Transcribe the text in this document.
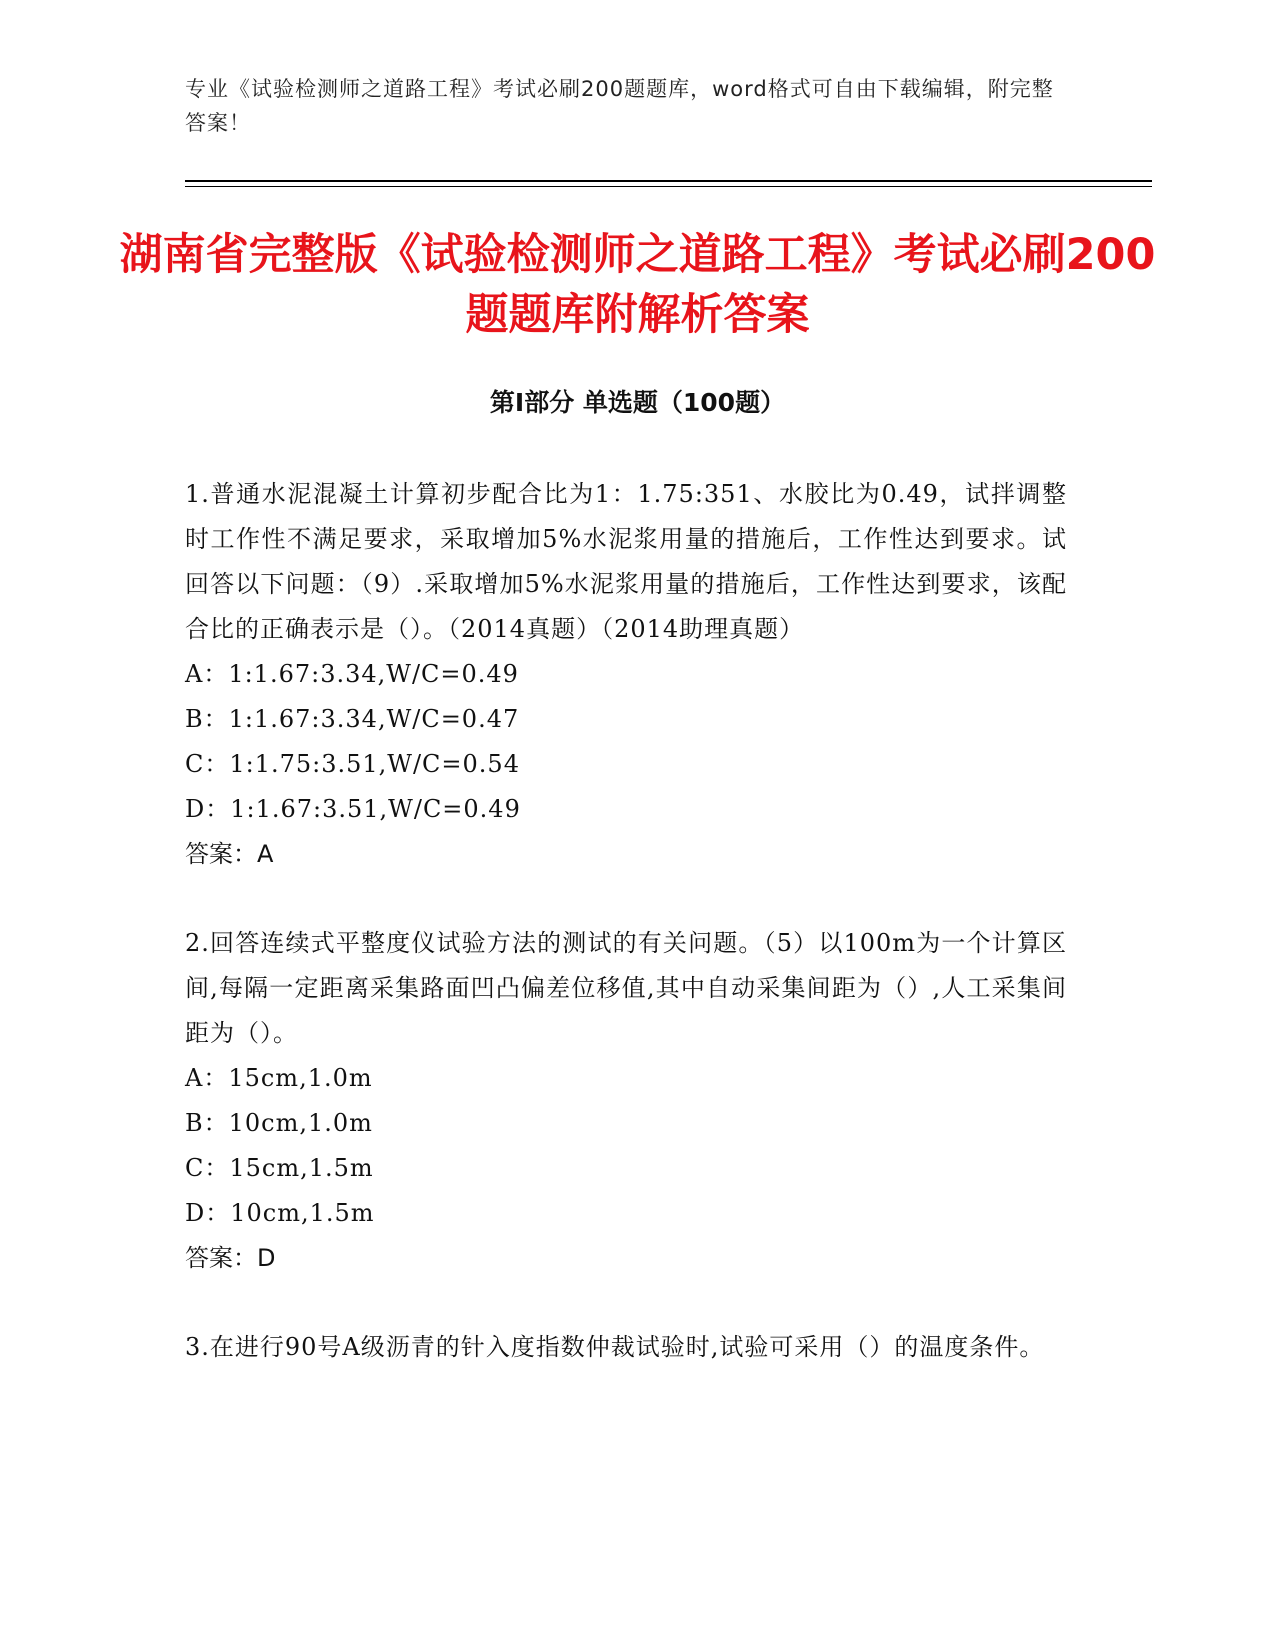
专业《试验检测师之道路工程》考试必刷200题题库，word格式可自由下载编辑，附完整答案！
湖南省完整版《试验检测师之道路工程》考试必刷200题题库附解析答案
第I部分 单选题（100题）

1.普通水泥混凝土计算初步配合比为1：1.75:351、水胶比为0.49，试拌调整时工作性不满足要求，采取增加5%水泥浆用量的措施后，工作性达到要求。试回答以下问题：（9）.采取增加5%水泥浆用量的措施后，工作性达到要求，该配合比的正确表示是（）。（2014真题）（2014助理真题）

A：1:1.67:3.34,W/C=0.49

B：1:1.67:3.34,W/C=0.47

C：1:1.75:3.51,W/C=0.54

D：1:1.67:3.51,W/C=0.49

答案：A

2.回答连续式平整度仪试验方法的测试的有关问题。（5）以100m为一个计算区间,每隔一定距离采集路面凹凸偏差位移值,其中自动采集间距为（）,人工采集间距为（）。

A：15cm,1.0m

B：10cm,1.0m

C：15cm,1.5m

D：10cm,1.5m

答案：D

3.在进行90号A级沥青的针入度指数仲裁试验时,试验可采用（）的温度条件。
